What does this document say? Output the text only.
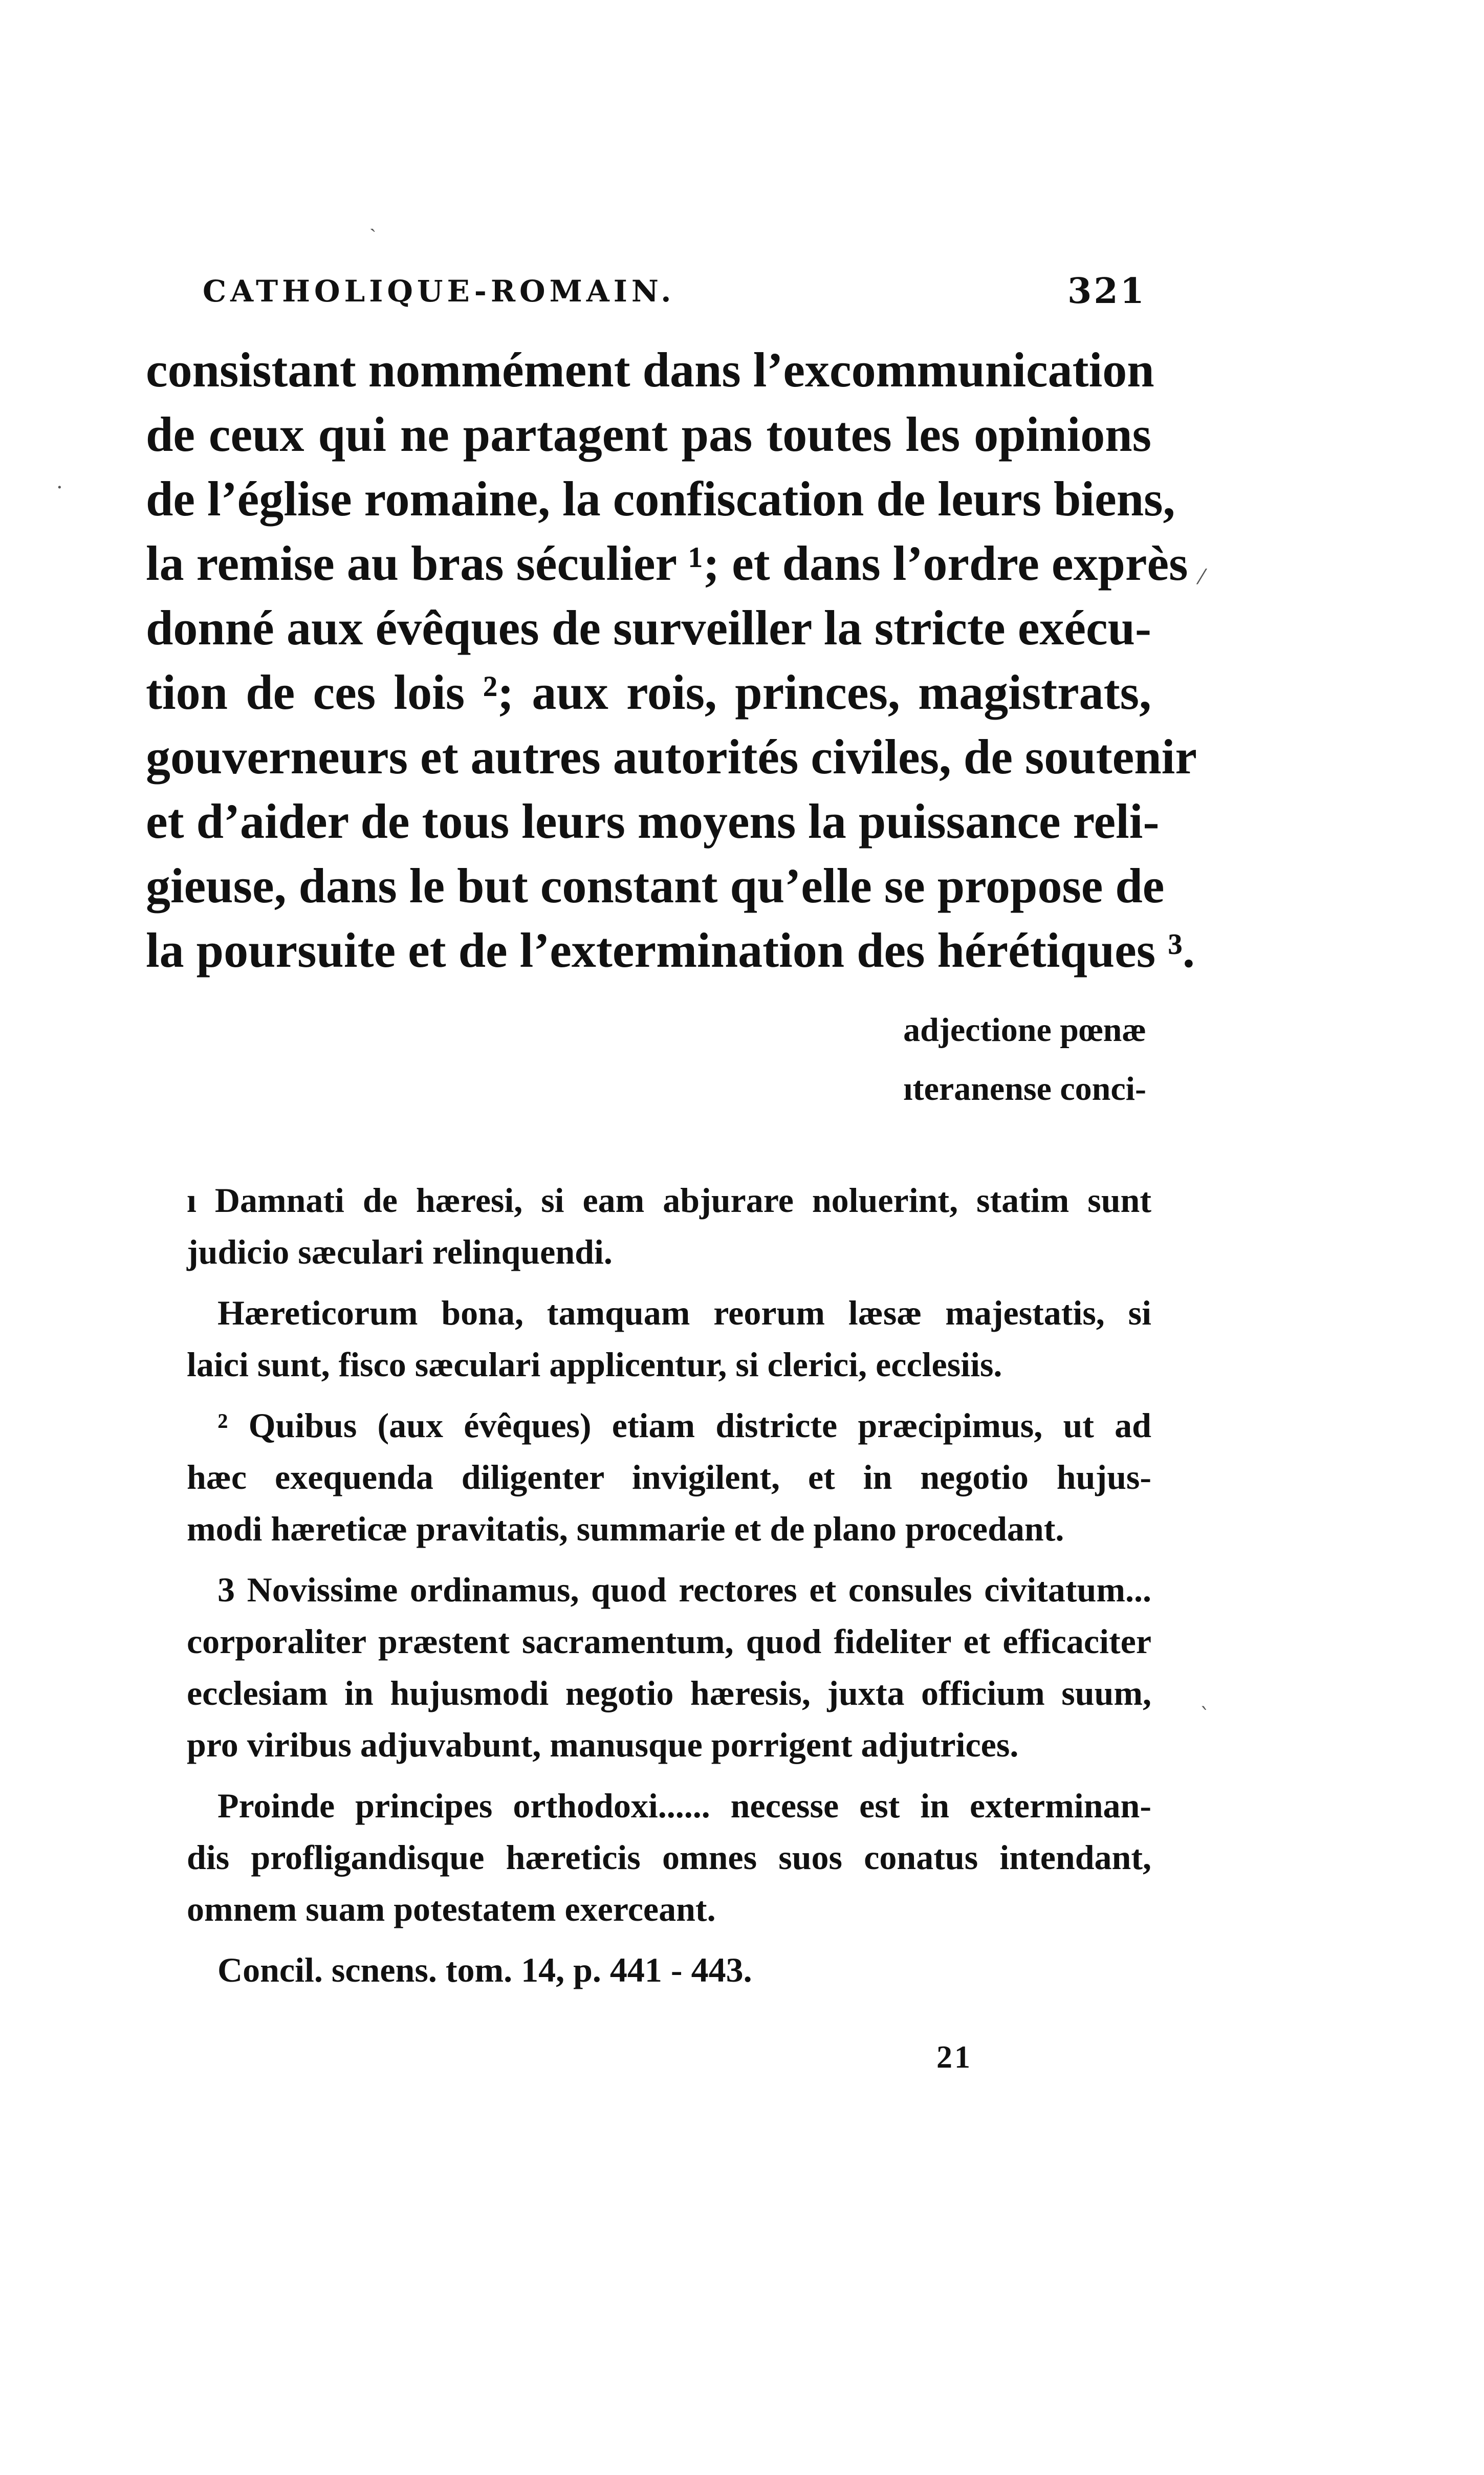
˴
⁄
·
ˋ
CATHOLIQUE-ROMAIN.	321
consistant nommément dans l’excommunication
de ceux qui ne partagent pas toutes les opinions
de l’église romaine, la confiscation de leurs biens,
la remise au bras séculier ¹; et dans l’ordre exprès
donné aux évêques de surveiller la stricte exécu-
tion de ces lois ²; aux rois, princes, magistrats,
gouverneurs et autres autorités civiles, de soutenir
et d’aider de tous leurs moyens la puissance reli-
gieuse, dans le but constant qu’elle se propose de
la poursuite et de l’extermination des hérétiques ³.
adjectione pœnæ
ıteranense conci-
ı Damnati de hæresi, si eam abjurare noluerint, statim sunt
judicio sæculari relinquendi.
Hæreticorum bona, tamquam reorum læsæ majestatis, si
laici sunt, fisco sæculari applicentur, si clerici, ecclesiis.
² Quibus (aux évêques) etiam districte præcipimus, ut ad
hæc exequenda diligenter invigilent, et in negotio hujus-
modi hæreticæ pravitatis, summarie et de plano procedant.
3 Novissime ordinamus, quod rectores et consules civitatum...
corporaliter præstent sacramentum, quod fideliter et efficaciter
ecclesiam in hujusmodi negotio hæresis, juxta officium suum,
pro viribus adjuvabunt, manusque porrigent adjutrices.
Proinde principes orthodoxi...... necesse est in exterminan-
dis profligandisque hæreticis omnes suos conatus intendant,
omnem suam potestatem exerceant.
Concil. scnens. tom. 14, p. 441 - 443.
21
